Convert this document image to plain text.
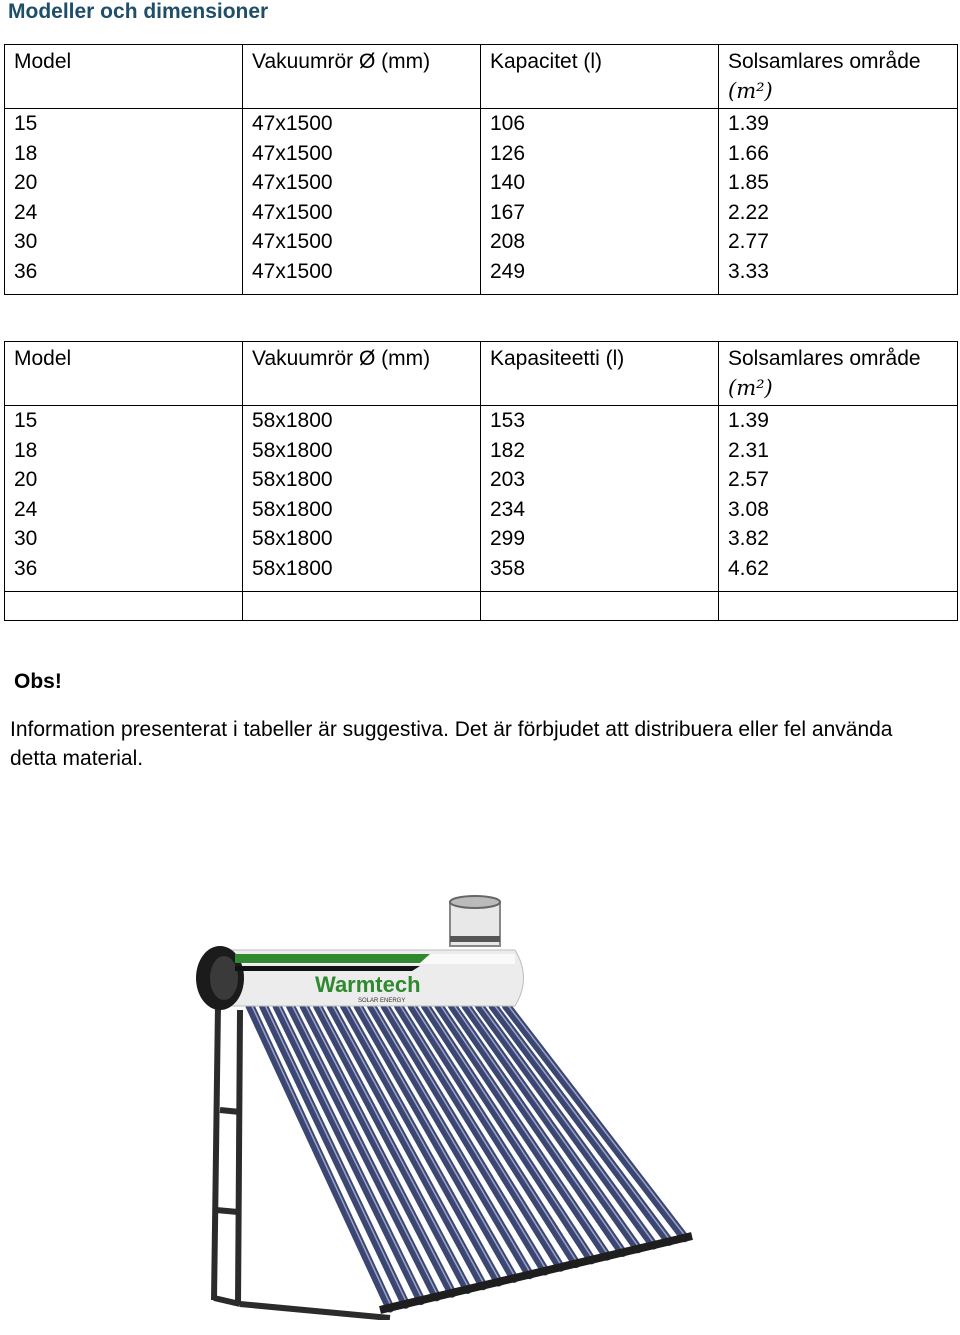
Modeller och dimensioner
Model	Vakuumrör Ø (mm)	Kapacitet (l)	Solsamlares område
(m²)
15	47x1500	106	1.39
18	47x1500	126	1.66
20	47x1500	140	1.85
24	47x1500	167	2.22
30	47x1500	208	2.77
36	47x1500	249	3.33
Model	Vakuumrör Ø (mm)	Kapasiteetti (l)	Solsamlares område
(m²)
15	58x1800	153	1.39
18	58x1800	182	2.31
20	58x1800	203	2.57
24	58x1800	234	3.08
30	58x1800	299	3.82
36	58x1800	358	4.62

Obs!

Information presenterat i tabeller är suggestiva. Det är förbjudet att distribuera eller fel använda detta material.

Warmtech
SOLAR ENERGY
